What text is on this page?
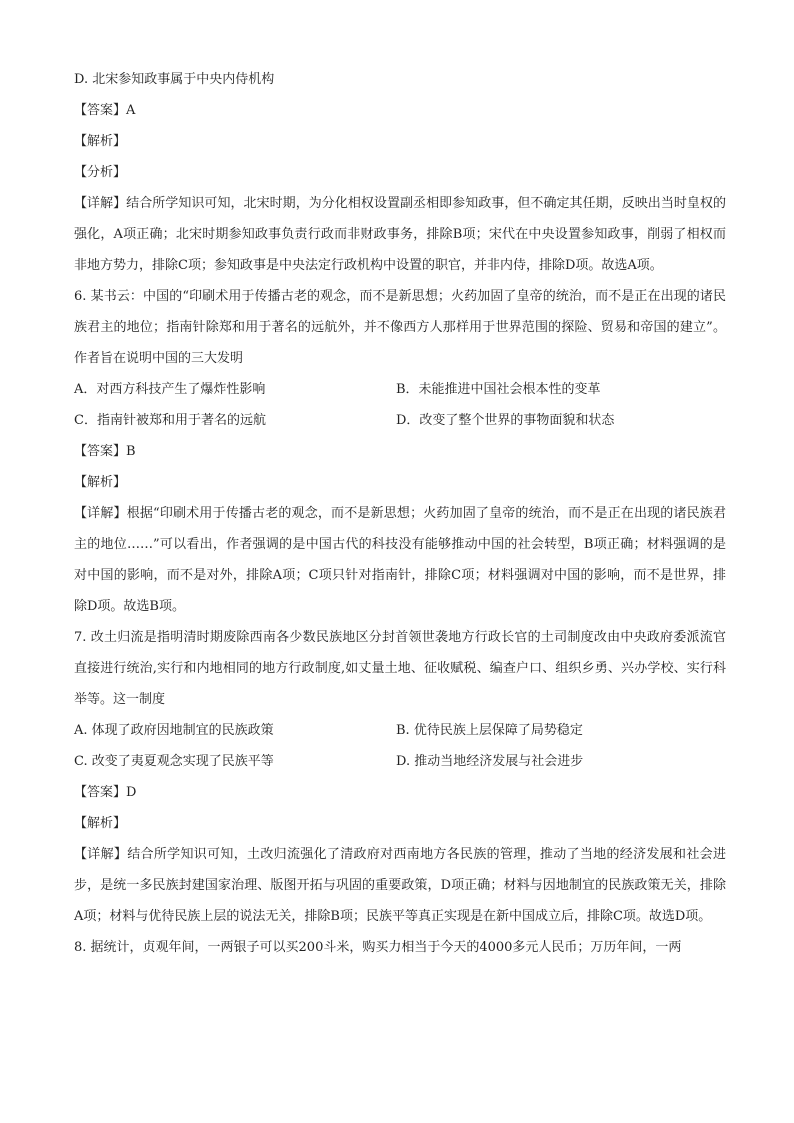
D. 北宋参知政事属于中央内侍机构
【答案】A
【解析】
【分析】
【详解】结合所学知识可知，北宋时期，为分化相权设置副丞相即参知政事，但不确定其任期，反映出当时皇权的强化，A项正确；北宋时期参知政事负责行政而非财政事务，排除B项；宋代在中央设置参知政事，削弱了相权而非地方势力，排除C项；参知政事是中央法定行政机构中设置的职官，并非内侍，排除D项。故选A项。
6. 某书云：中国的“印刷术用于传播古老的观念，而不是新思想；火药加固了皇帝的统治，而不是正在出现的诸民族君主的地位；指南针除郑和用于著名的远航外，并不像西方人那样用于世界范围的探险、贸易和帝国的建立”。作者旨在说明中国的三大发明
A．对西方科技产生了爆炸性影响	B．未能推进中国社会根本性的变革
C．指南针被郑和用于著名的远航	D．改变了整个世界的事物面貌和状态
【答案】B
【解析】
【详解】根据“印刷术用于传播古老的观念，而不是新思想；火药加固了皇帝的统治，而不是正在出现的诸民族君主的地位……”可以看出，作者强调的是中国古代的科技没有能够推动中国的社会转型，B项正确；材料强调的是对中国的影响，而不是对外，排除A项；C项只针对指南针，排除C项；材料强调对中国的影响，而不是世界，排除D项。故选B项。
7. 改土归流是指明清时期废除西南各少数民族地区分封首领世袭地方行政长官的土司制度改由中央政府委派流官直接进行统治,实行和内地相同的地方行政制度,如丈量土地、征收赋税、编查户口、组织乡勇、兴办学校、实行科举等。这一制度
A. 体现了政府因地制宜的民族政策	B. 优待民族上层保障了局势稳定
C. 改变了夷夏观念实现了民族平等	D. 推动当地经济发展与社会进步
【答案】D
【解析】
【详解】结合所学知识可知，土改归流强化了清政府对西南地方各民族的管理，推动了当地的经济发展和社会进步，是统一多民族封建国家治理、版图开拓与巩固的重要政策，D项正确；材料与因地制宜的民族政策无关，排除A项；材料与优待民族上层的说法无关，排除B项；民族平等真正实现是在新中国成立后，排除C项。故选D项。
8. 据统计，贞观年间，一两银子可以买200斗米，购买力相当于今天的4000多元人民币；万历年间，一两
